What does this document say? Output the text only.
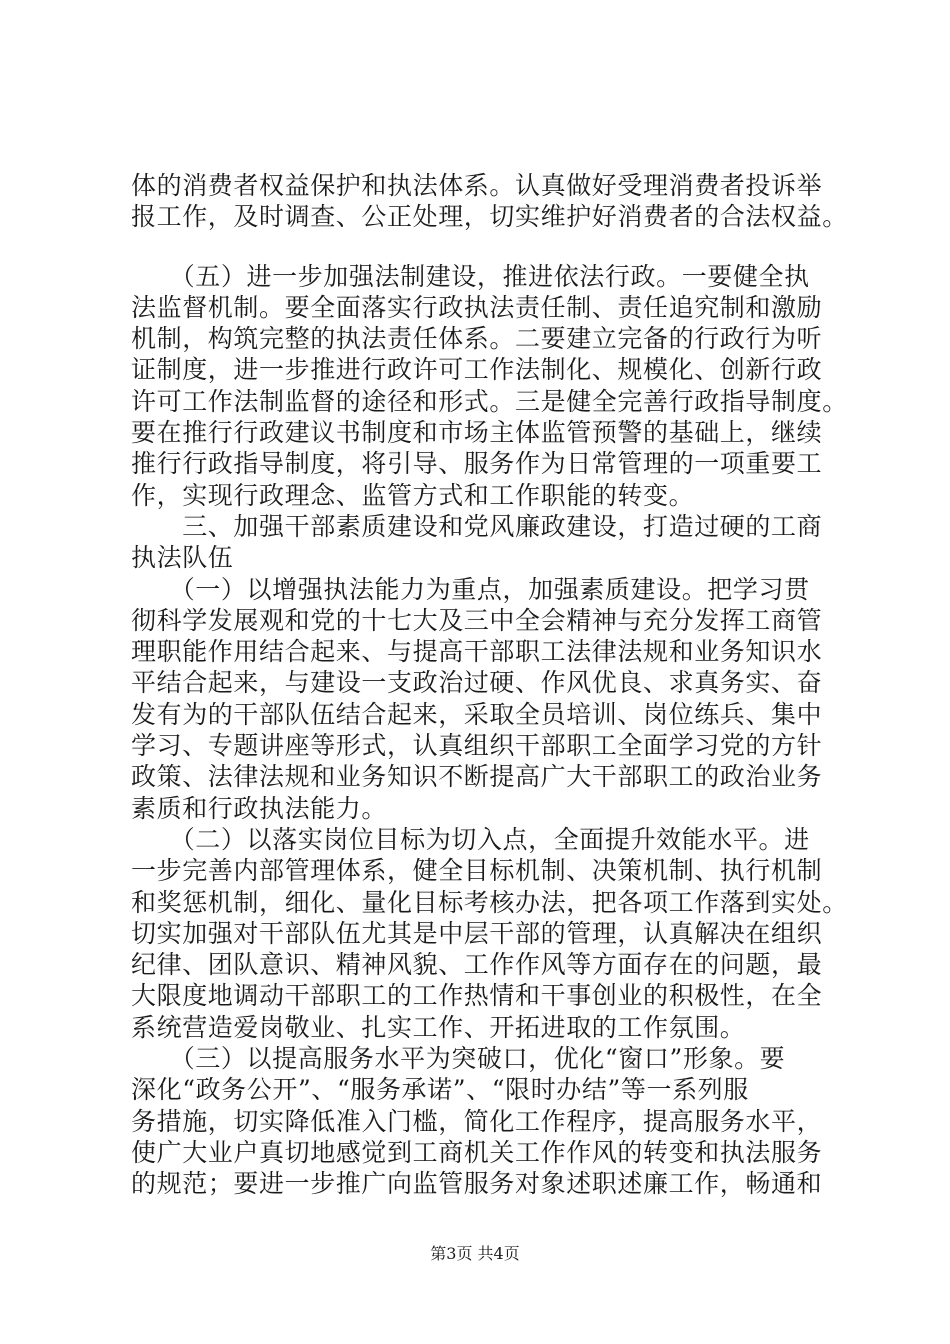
体的消费者权益保护和执法体系。认真做好受理消费者投诉举
报工作，及时调查、公正处理，切实维护好消费者的合法权益。
　　（五）进一步加强法制建设，推进依法行政。一要健全执
法监督机制。要全面落实行政执法责任制、责任追究制和激励
机制，构筑完整的执法责任体系。二要建立完备的行政行为听
证制度，进一步推进行政许可工作法制化、规模化、创新行政
许可工作法制监督的途径和形式。三是健全完善行政指导制度。
要在推行行政建议书制度和市场主体监管预警的基础上，继续
推行行政指导制度，将引导、服务作为日常管理的一项重要工
作，实现行政理念、监管方式和工作职能的转变。
　　三、加强干部素质建设和党风廉政建设，打造过硬的工商
执法队伍
　　（一）以增强执法能力为重点，加强素质建设。把学习贯
彻科学发展观和党的十七大及三中全会精神与充分发挥工商管
理职能作用结合起来、与提高干部职工法律法规和业务知识水
平结合起来，与建设一支政治过硬、作风优良、求真务实、奋
发有为的干部队伍结合起来，采取全员培训、岗位练兵、集中
学习、专题讲座等形式，认真组织干部职工全面学习党的方针
政策、法律法规和业务知识不断提高广大干部职工的政治业务
素质和行政执法能力。
　　（二）以落实岗位目标为切入点，全面提升效能水平。进
一步完善内部管理体系，健全目标机制、决策机制、执行机制
和奖惩机制，细化、量化目标考核办法，把各项工作落到实处。
切实加强对干部队伍尤其是中层干部的管理，认真解决在组织
纪律、团队意识、精神风貌、工作作风等方面存在的问题，最
大限度地调动干部职工的工作热情和干事创业的积极性，在全
系统营造爱岗敬业、扎实工作、开拓进取的工作氛围。
　　（三）以提高服务水平为突破口，优化“窗口”形象。要
深化“政务公开”、“服务承诺”、“限时办结”等一系列服
务措施，切实降低准入门槛，简化工作程序，提高服务水平，
使广大业户真切地感觉到工商机关工作作风的转变和执法服务
的规范；要进一步推广向监管服务对象述职述廉工作，畅通和
第3页 共4页
